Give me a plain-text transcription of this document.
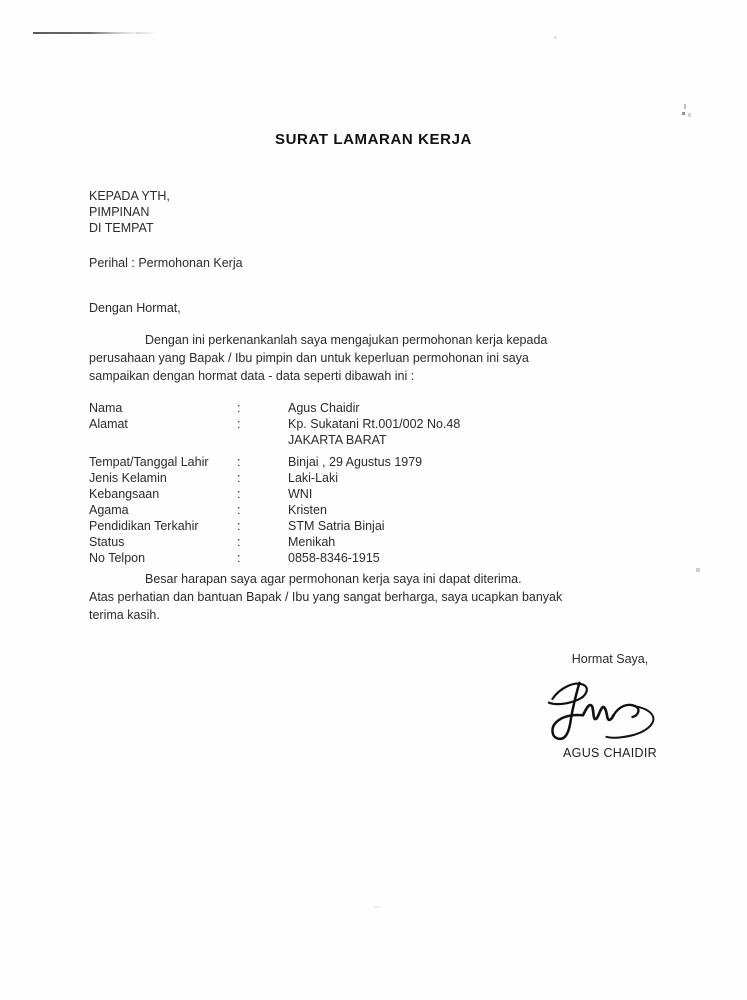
SURAT LAMARAN KERJA
KEPADA YTH,
PIMPINAN
DI TEMPAT
Perihal : Permohonan Kerja
Dengan Hormat,
Dengan ini perkenankanlah saya mengajukan permohonan kerja kepada perusahaan yang Bapak / Ibu pimpin dan untuk keperluan permohonan ini saya sampaikan dengan hormat data - data seperti dibawah ini :
Nama	:	Agus Chaidir
Alamat	:	Kp. Sukatani Rt.001/002 No.48
		JAKARTA BARAT

Tempat/Tanggal Lahir	:	Binjai , 29 Agustus 1979
Jenis Kelamin	:	Laki-Laki
Kebangsaan	:	WNI
Agama	:	Kristen
Pendidikan Terkahir	:	STM Satria Binjai
Status	:	Menikah
No Telpon	:	0858-8346-1915
Besar harapan saya agar permohonan kerja saya ini dapat diterima.
Atas perhatian dan bantuan Bapak / Ibu yang sangat berharga, saya ucapkan banyak
terima kasih.
Hormat Saya,
AGUS CHAIDIR
